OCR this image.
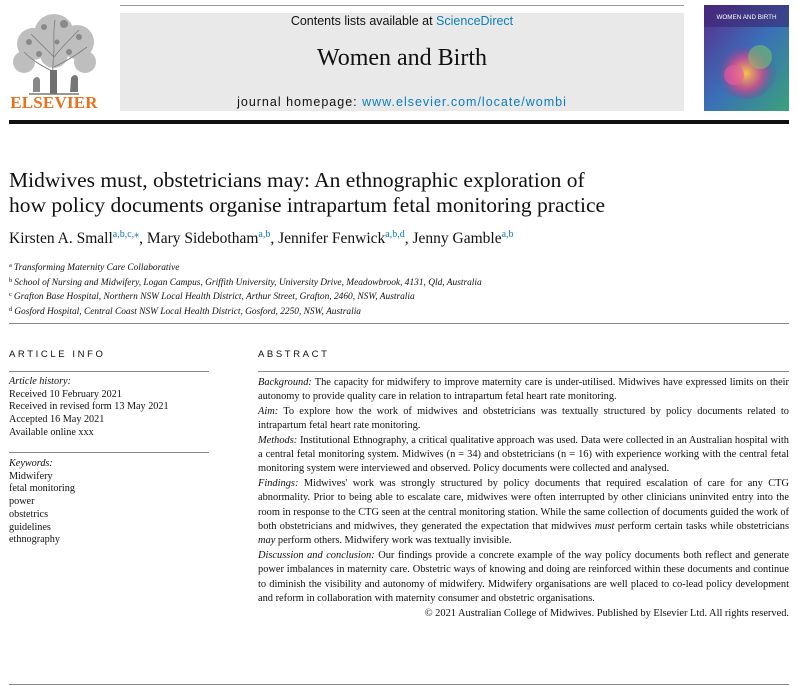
ELSEVIER
Contents lists available at ScienceDirect
Women and Birth
journal homepage: www.elsevier.com/locate/wombi
WOMEN AND BIRTH
Midwives must, obstetricians may: An ethnographic exploration of
how policy documents organise intrapartum fetal monitoring practice
Kirsten A. Small$^{a,b,c,⁎}$, Mary Sidebotham$^{a,b}$, Jennifer Fenwick$^{a,b,d}$, Jenny Gamble$^{a,b}$
$^a$ Transforming Maternity Care Collaborative
$^b$ School of Nursing and Midwifery, Logan Campus, Griffith University, University Drive, Meadowbrook, 4131, Qld, Australia
$^c$ Grafton Base Hospital, Northern NSW Local Health District, Arthur Street, Grafton, 2460, NSW, Australia
$^d$ Gosford Hospital, Central Coast NSW Local Health District, Gosford, 2250, NSW, Australia
ARTICLE INFO
Article history:
Received 10 February 2021
Received in revised form 13 May 2021
Accepted 16 May 2021
Available online xxx
Keywords:
Midwifery
fetal monitoring
power
obstetrics
guidelines
ethnography
ABSTRACT

Background: The capacity for midwifery to improve maternity care is under-utilised. Midwives have expressed limits on their autonomy to provide quality care in relation to intrapartum fetal heart rate monitoring.

Aim: To explore how the work of midwives and obstetricians was textually structured by policy documents related to intrapartum fetal heart rate monitoring.

Methods: Institutional Ethnography, a critical qualitative approach was used. Data were collected in an Australian hospital with a central fetal monitoring system. Midwives (n = 34) and obstetricians (n = 16) with experience working with the central fetal monitoring system were interviewed and observed. Policy documents were collected and analysed.

Findings: Midwives' work was strongly structured by policy documents that required escalation of care for any CTG abnormality. Prior to being able to escalate care, midwives were often interrupted by other clinicians uninvited entry into the room in response to the CTG seen at the central monitoring station. While the same collection of documents guided the work of both obstetricians and midwives, they generated the expectation that midwives must perform certain tasks while obstetricians may perform others. Midwifery work was textually invisible.

Discussion and conclusion: Our findings provide a concrete example of the way policy documents both reflect and generate power imbalances in maternity care. Obstetric ways of knowing and doing are reinforced within these documents and continue to diminish the visibility and autonomy of midwifery. Midwifery organisations are well placed to co-lead policy development and reform in collaboration with maternity consumer and obstetric organisations.

© 2021 Australian College of Midwives. Published by Elsevier Ltd. All rights reserved.
